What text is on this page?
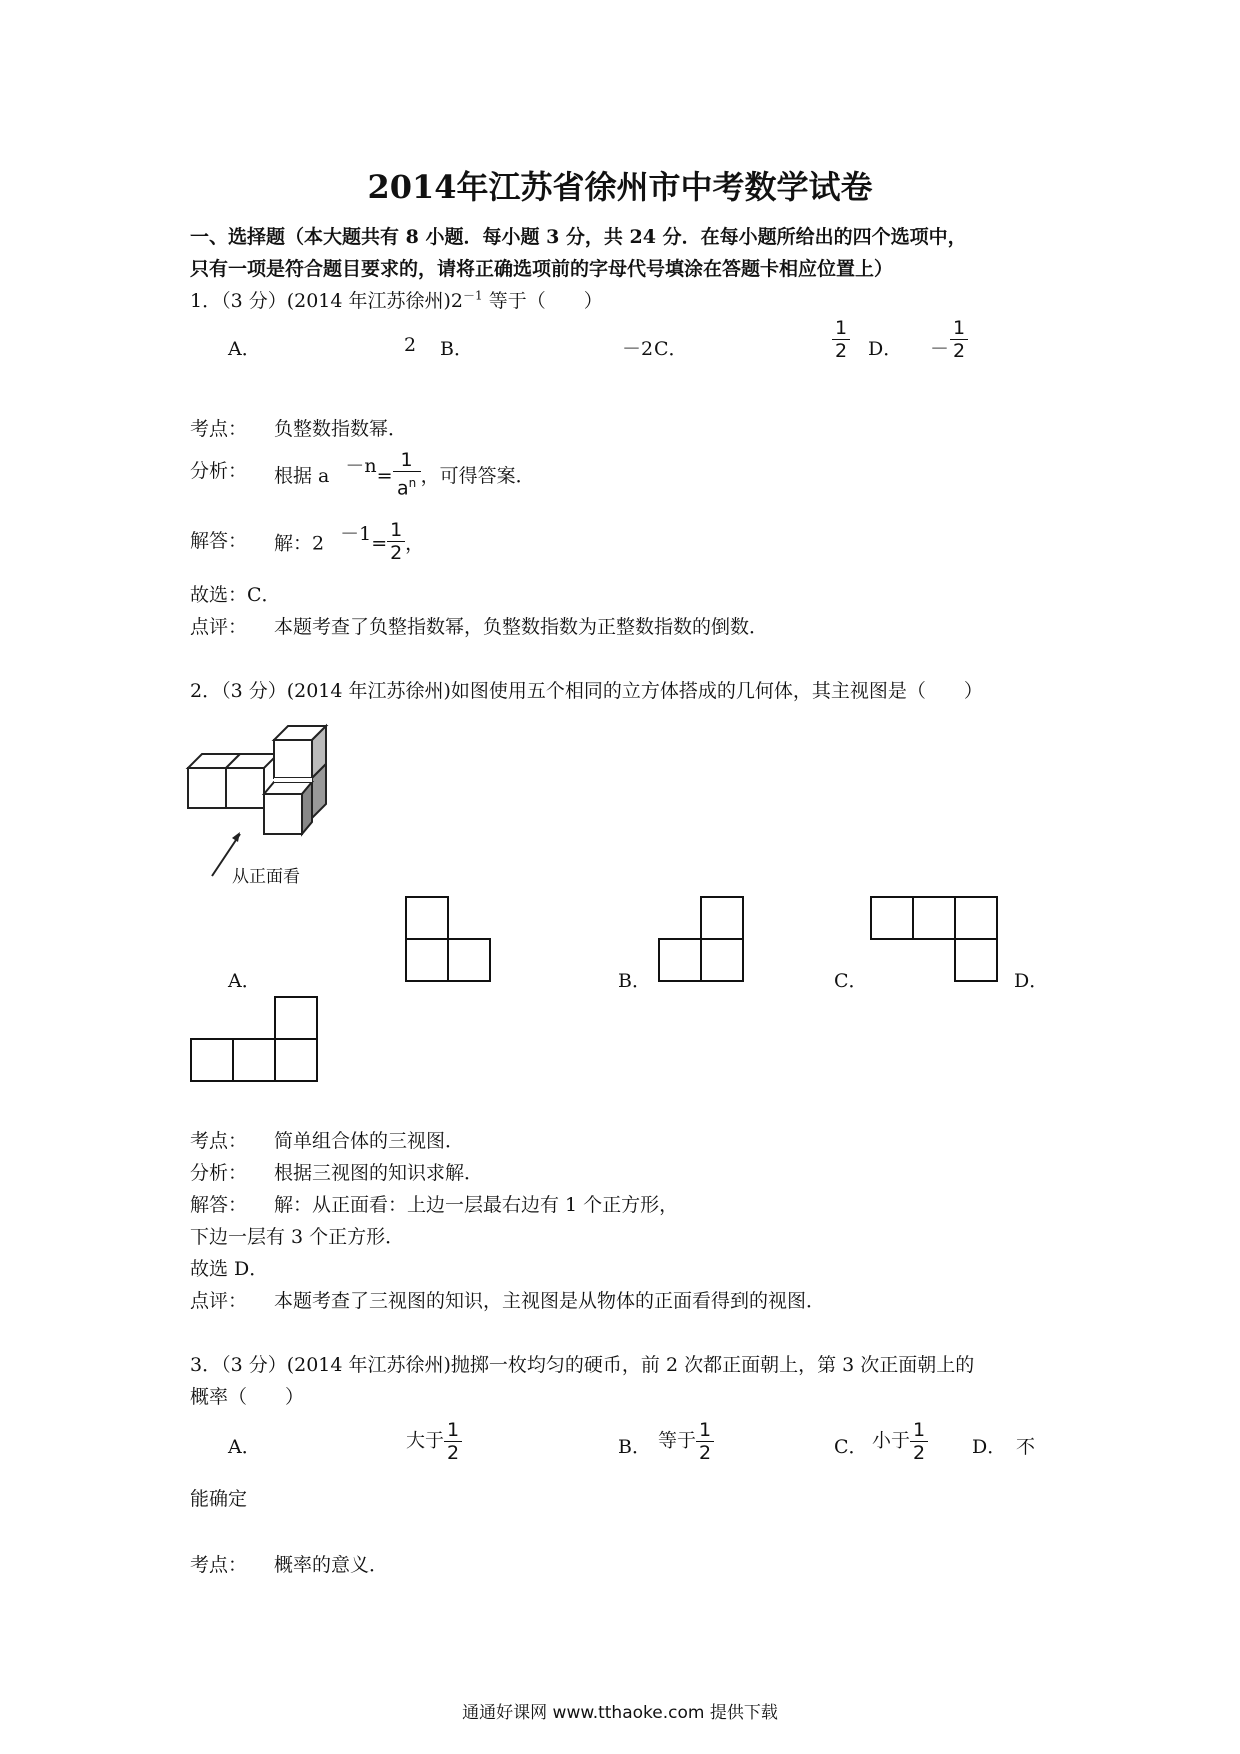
2014年江苏省徐州市中考数学试卷
一、选择题（本大题共有 8 小题．每小题 3 分，共 24 分．在每小题所给出的四个选项中，
只有一项是符合题目要求的，请将正确选项前的字母代号填涂在答题卡相应位置上）
1．（3 分）(2014 年江苏徐州)$2^{-1}$ 等于（　　）
A．	2 B．	－2 C．	$\frac{1}{2}$ D． － $\frac{1}{2}$
考点： 负整数指数幂．
分析： 根据 $a -n= \frac{1}{a^n}$ ，可得答案．
解答： 解：$2 -1= \frac{1}{2}$ ，
故选：C．
点评： 本题考查了负整指数幂，负整数指数为正整数指数的倒数．
2．（3 分）(2014 年江苏徐州)如图使用五个相同的立方体搭成的几何体，其主视图是（　　）
从正面看
A．	B．	C．	D．
考点： 简单组合体的三视图．
分析： 根据三视图的知识求解．
解答： 解：从正面看：上边一层最右边有 1 个正方形，
下边一层有 3 个正方形．
故选 D．
点评： 本题考查了三视图的知识，主视图是从物体的正面看得到的视图．
3．（3 分）(2014 年江苏徐州)抛掷一枚均匀的硬币，前 2 次都正面朝上，第 3 次正面朝上的
概率（　　）
A．	大于 $\frac{1}{2}$	B． 等于 $\frac{1}{2}$	C． 小于 $\frac{1}{2}$ D． 不
能确定
考点： 概率的意义．
通通好课网 www.tthaoke.com 提供下载
